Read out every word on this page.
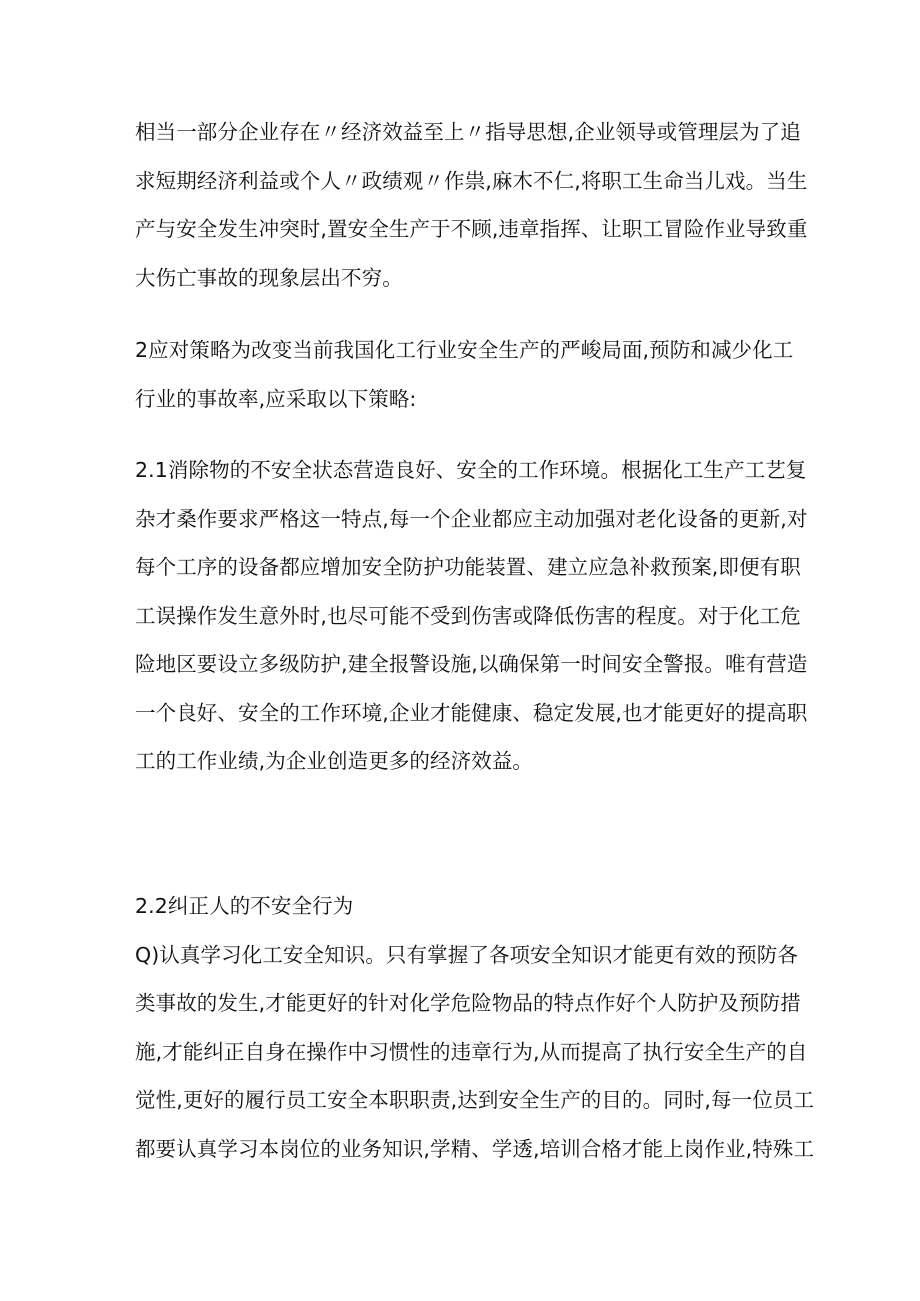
相当一部分企业存在〃经济效益至上〃指导思想,企业领导或管理层为了追
求短期经济利益或个人〃政绩观〃作祟,麻木不仁,将职工生命当儿戏。当生
产与安全发生冲突时,置安全生产于不顾,违章指挥、让职工冒险作业导致重
大伤亡事故的现象层出不穷。

2应对策略为改变当前我国化工行业安全生产的严峻局面,预防和减少化工
行业的事故率,应采取以下策略:

2.1消除物的不安全状态营造良好、安全的工作环境。根据化工生产工艺复
杂才桑作要求严格这一特点,每一个企业都应主动加强对老化设备的更新,对
每个工序的设备都应增加安全防护功能装置、建立应急补救预案,即便有职
工误操作发生意外时,也尽可能不受到伤害或降低伤害的程度。对于化工危
险地区要设立多级防护,建全报警设施,以确保第一时间安全警报。唯有营造
一个良好、安全的工作环境,企业才能健康、稳定发展,也才能更好的提高职
工的工作业绩,为企业创造更多的经济效益。

2.2纠正人的不安全行为
Q)认真学习化工安全知识。只有掌握了各项安全知识才能更有效的预防各
类事故的发生,才能更好的针对化学危险物品的特点作好个人防护及预防措
施,才能纠正自身在操作中习惯性的违章行为,从而提高了执行安全生产的自
觉性,更好的履行员工安全本职职责,达到安全生产的目的。同时,每一位员工
都要认真学习本岗位的业务知识,学精、学透,培训合格才能上岗作业,特殊工
